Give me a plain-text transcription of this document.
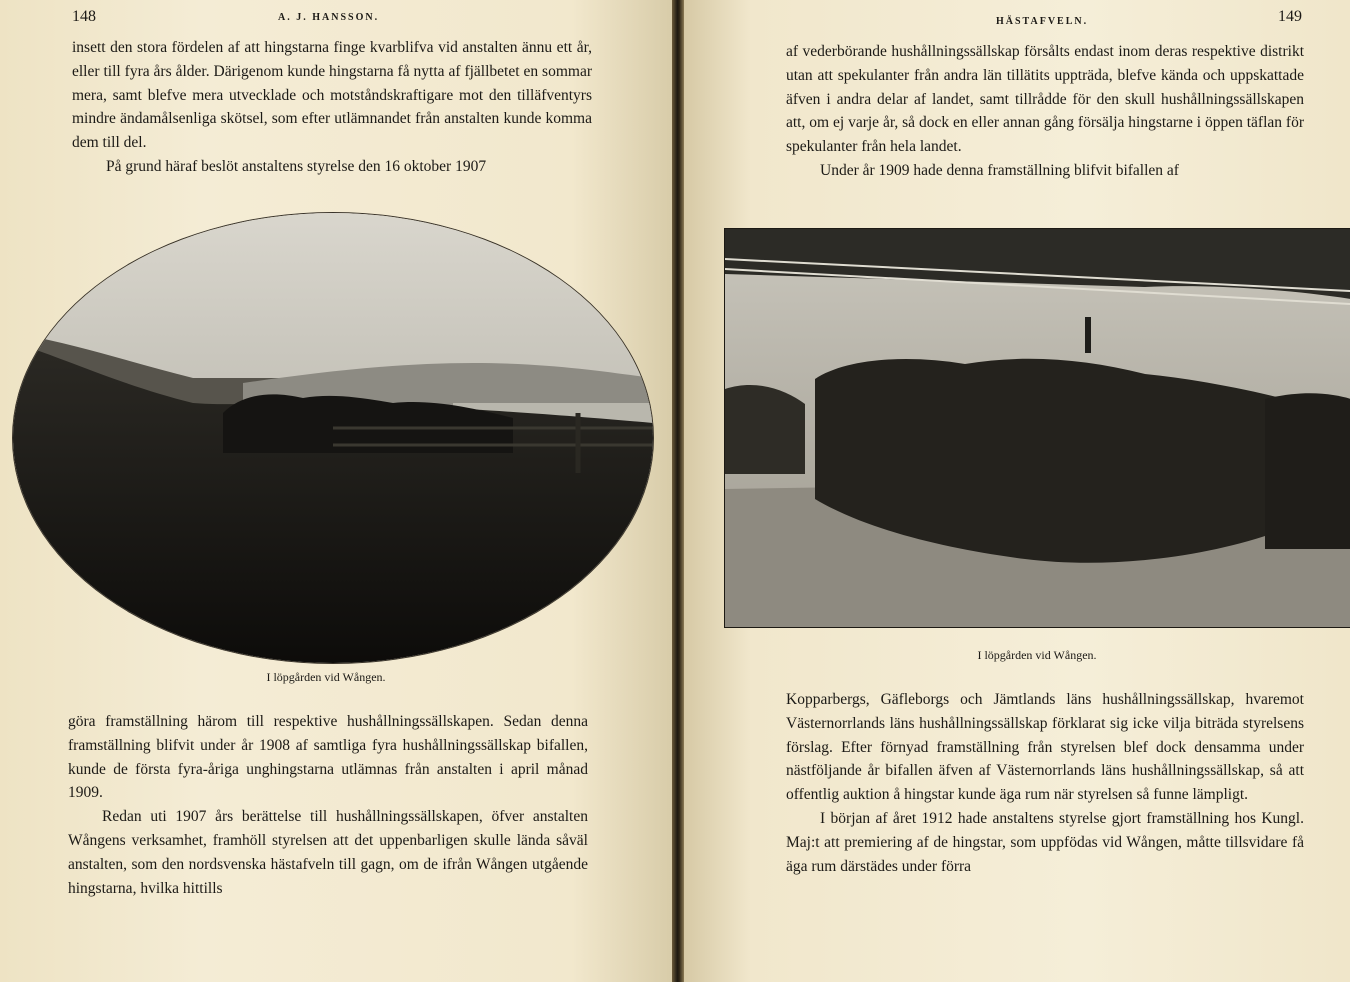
148	A. J. HANSSON.

insett den stora fördelen af att hingstarna finge kvarblifva vid anstalten ännu ett år, eller till fyra års ålder. Därigenom kunde hingstarna få nytta af fjällbetet en sommar mera, samt blefve mera utvecklade och motståndskraftigare mot den tilläfventyrs mindre ändamålsenliga skötsel, som efter utlämnandet från anstalten kunde komma dem till del.

På grund häraf beslöt anstaltens styrelse den 16 oktober 1907

I löpgården vid Wången.

göra framställning härom till respektive hushållningssällskapen. Sedan denna framställning blifvit under år 1908 af samtliga fyra hushållningssällskap bifallen, kunde de första fyra-åriga unghingstarna utlämnas från anstalten i april månad 1909.

Redan uti 1907 års berättelse till hushållningssällskapen, öfver anstalten Wångens verksamhet, framhöll styrelsen att det uppenbarligen skulle lända såväl anstalten, som den nordsvenska hästafveln till gagn, om de ifrån Wången utgående hingstarna, hvilka hittills

HÄSTAFVELN.	149

af vederbörande hushållningssällskap försålts endast inom deras respektive distrikt utan att spekulanter från andra län tillätits uppträda, blefve kända och uppskattade äfven i andra delar af landet, samt tillrådde för den skull hushållningssällskapen att, om ej varje år, så dock en eller annan gång försälja hingstarne i öppen täflan för spekulanter från hela landet.

Under år 1909 hade denna framställning blifvit bifallen af

I löpgården vid Wången.

Kopparbergs, Gäfleborgs och Jämtlands läns hushållningssällskap, hvaremot Västernorrlands läns hushållningssällskap förklarat sig icke vilja biträda styrelsens förslag. Efter förnyad framställning från styrelsen blef dock densamma under nästföljande år bifallen äfven af Västernorrlands läns hushållningssällskap, så att offentlig auktion å hingstar kunde äga rum när styrelsen så funne lämpligt.

I början af året 1912 hade anstaltens styrelse gjort framställning hos Kungl. Maj:t att premiering af de hingstar, som uppfödas vid Wången, måtte tillsvidare få äga rum därstädes under förra
